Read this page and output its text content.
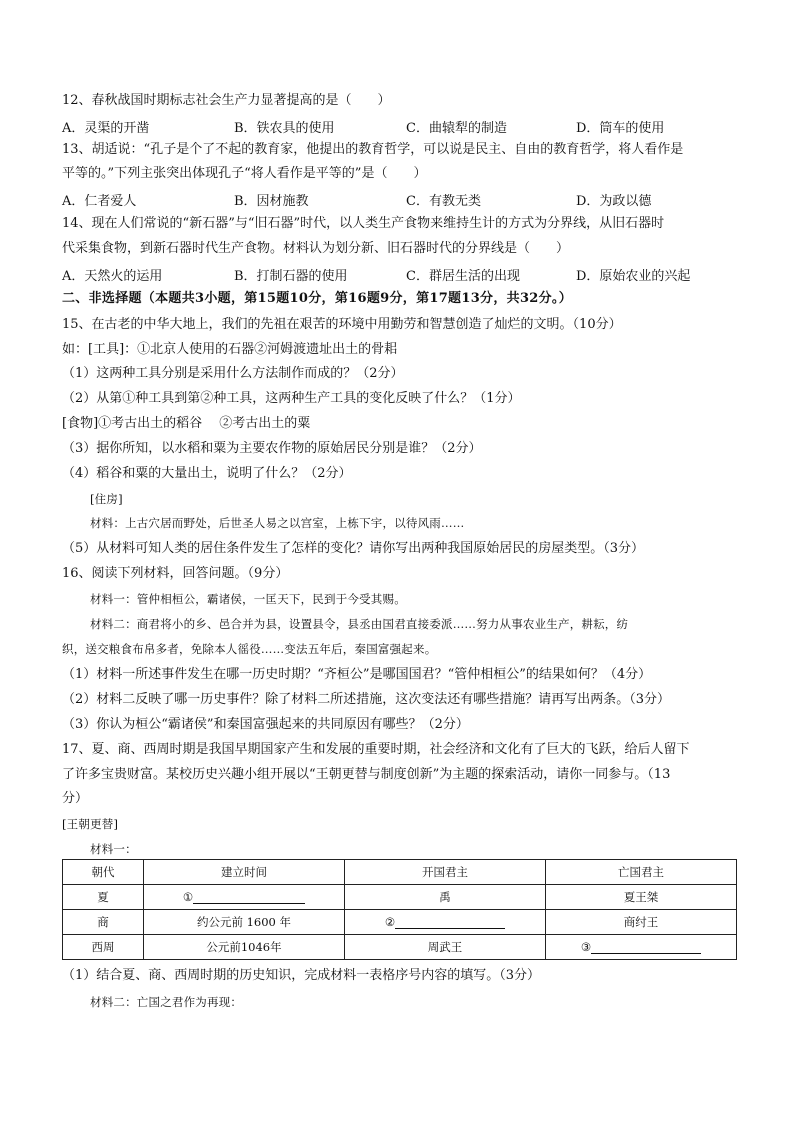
12、春秋战国时期标志社会生产力显著提高的是（　　）
A．灵渠的开凿	B．铁农具的使用	C．曲辕犁的制造	D．筒车的使用
13、胡适说：“孔子是个了不起的教育家，他提出的教育哲学，可以说是民主、自由的教育哲学，将人看作是
平等的。”下列主张突出体现孔子“将人看作是平等的”是（　　）
A．仁者爱人	B．因材施教	C．有教无类	D．为政以德
14、现在人们常说的“新石器”与“旧石器”时代，以人类生产食物来维持生计的方式为分界线，从旧石器时
代采集食物，到新石器时代生产食物。材料认为划分新、旧石器时代的分界线是（　　）
A．天然火的运用	B．打制石器的使用	C．群居生活的出现	D．原始农业的兴起
二、非选择题（本题共3小题，第15题10分，第16题9分，第17题13分，共32分。）
15、在古老的中华大地上，我们的先祖在艰苦的环境中用勤劳和智慧创造了灿烂的文明。（10分）
如：[工具]：①北京人使用的石器②河姆渡遗址出土的骨耜
（1）这两种工具分别是采用什么方法制作而成的？（2分）
（2）从第①种工具到第②种工具，这两种生产工具的变化反映了什么？（1分）
[食物]①考古出土的稻谷　 ②考古出土的粟
（3）据你所知，以水稻和粟为主要农作物的原始居民分别是谁？（2分）
（4）稻谷和粟的大量出土，说明了什么？（2分）
[住房]
材料：上古穴居而野处，后世圣人易之以宫室，上栋下宇，以待风雨……
（5）从材料可知人类的居住条件发生了怎样的变化？请你写出两种我国原始居民的房屋类型。（3分）
16、阅读下列材料，回答问题。（9分）
材料一：管仲相桓公，霸诸侯，一匡天下，民到于今受其赐。
材料二：商君将小的乡、邑合并为县，设置县令，县丞由国君直接委派……努力从事农业生产，耕耘，纺
织，送交粮食布帛多者，免除本人徭役……变法五年后，秦国富强起来。
（1）材料一所述事件发生在哪一历史时期？“齐桓公”是哪国国君？“管仲相桓公”的结果如何？（4分）
（2）材料二反映了哪一历史事件？除了材料二所述措施，这次变法还有哪些措施？请再写出两条。（3分）
（3）你认为桓公“霸诸侯”和秦国富强起来的共同原因有哪些？（2分）
17、夏、商、西周时期是我国早期国家产生和发展的重要时期，社会经济和文化有了巨大的飞跃，给后人留下
了许多宝贵财富。某校历史兴趣小组开展以“王朝更替与制度创新”为主题的探索活动，请你一同参与。（13
分）
[王朝更替]
材料一：
朝代	建立时间	开国君主	亡国君主
夏	①	禹	夏王桀
商	约公元前 1600 年	②	商纣王
西周	公元前1046年	周武王	③
（1）结合夏、商、西周时期的历史知识，完成材料一表格序号内容的填写。（3分）
材料二：亡国之君作为再现：
